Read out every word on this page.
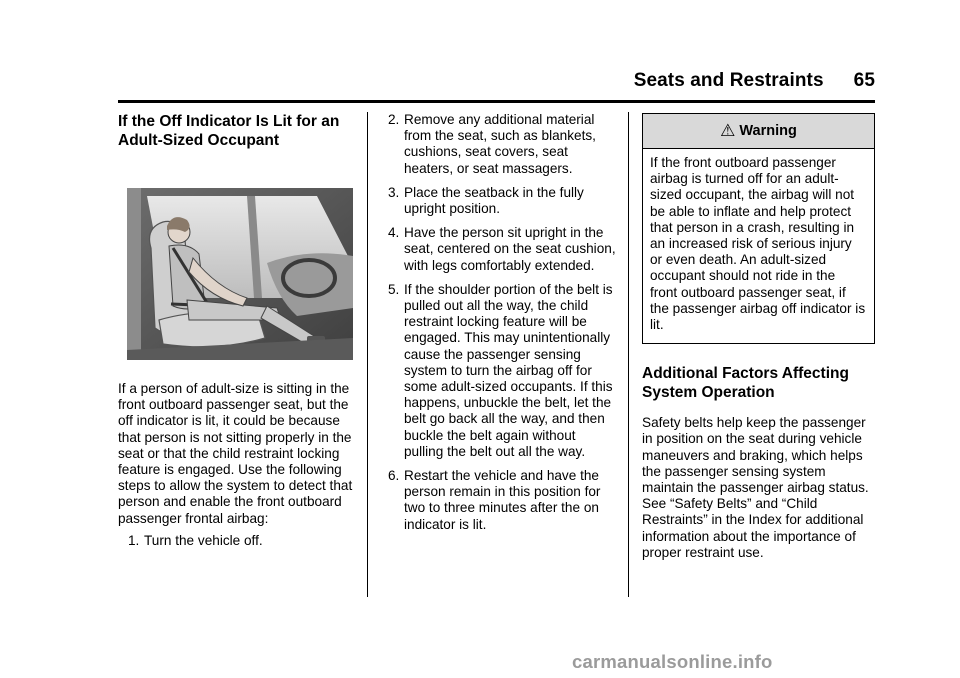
Seats and Restraints 65
If the Off Indicator Is Lit for an Adult-Sized Occupant

If a person of adult-size is sitting in the front outboard passenger seat, but the off indicator is lit, it could be because that person is not sitting properly in the seat or that the child restraint locking feature is engaged. Use the following steps to allow the system to detect that person and enable the front outboard passenger frontal airbag:

1. Turn the vehicle off.
2. Remove any additional material from the seat, such as blankets, cushions, seat covers, seat heaters, or seat massagers.
3. Place the seatback in the fully upright position.
4. Have the person sit upright in the seat, centered on the seat cushion, with legs comfortably extended.
5. If the shoulder portion of the belt is pulled out all the way, the child restraint locking feature will be engaged. This may unintentionally cause the passenger sensing system to turn the airbag off for some adult-sized occupants. If this happens, unbuckle the belt, let the belt go back all the way, and then buckle the belt again without pulling the belt out all the way.
6. Restart the vehicle and have the person remain in this position for two to three minutes after the on indicator is lit.
⚠ Warning
If the front outboard passenger airbag is turned off for an adult-sized occupant, the airbag will not be able to inflate and help protect that person in a crash, resulting in an increased risk of serious injury or even death. An adult-sized occupant should not ride in the front outboard passenger seat, if the passenger airbag off indicator is lit.
Additional Factors Affecting System Operation

Safety belts help keep the passenger in position on the seat during vehicle maneuvers and braking, which helps the passenger sensing system maintain the passenger airbag status. See “Safety Belts” and “Child Restraints” in the Index for additional information about the importance of proper restraint use.

carmanualsonline.info
